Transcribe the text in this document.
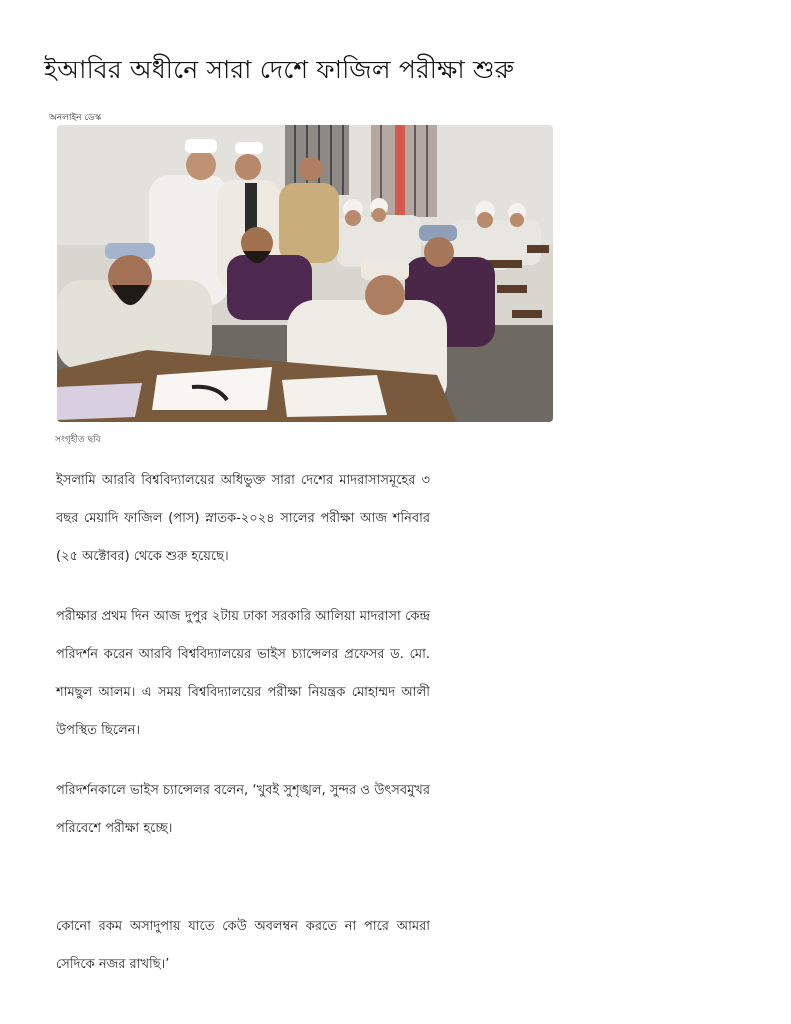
ইআবির অধীনে সারা দেশে ফাজিল পরীক্ষা শুরু
অনলাইন ডেস্ক
সংগৃহীত ছবি

ইসলামি আরবি বিশ্ববিদ্যালয়ের অধিভুক্ত সারা দেশের মাদরাসাসমূহের ৩ বছর মেয়াদি ফাজিল (পাস) স্নাতক-২০২৪ সালের পরীক্ষা আজ শনিবার (২৫ অক্টোবর) থেকে শুরু হয়েছে।

পরীক্ষার প্রথম দিন আজ দুপুর ২টায় ঢাকা সরকারি আলিয়া মাদরাসা কেন্দ্র পরিদর্শন করেন আরবি বিশ্ববিদ্যালয়ের ভাইস চ্যান্সেলর প্রফেসর ড. মো. শামছুল আলম। এ সময় বিশ্ববিদ্যালয়ের পরীক্ষা নিয়ন্ত্রক মোহাম্মদ আলী উপস্থিত ছিলেন।

পরিদর্শনকালে ভাইস চ্যান্সেলর বলেন, ‘খুবই সুশৃঙ্খল, সুন্দর ও উৎসবমুখর পরিবেশে পরীক্ষা হচ্ছে।

কোনো রকম অসাদুপায় যাতে কেউ অবলম্বন করতে না পারে আমরা সেদিকে নজর রাখছি।’
